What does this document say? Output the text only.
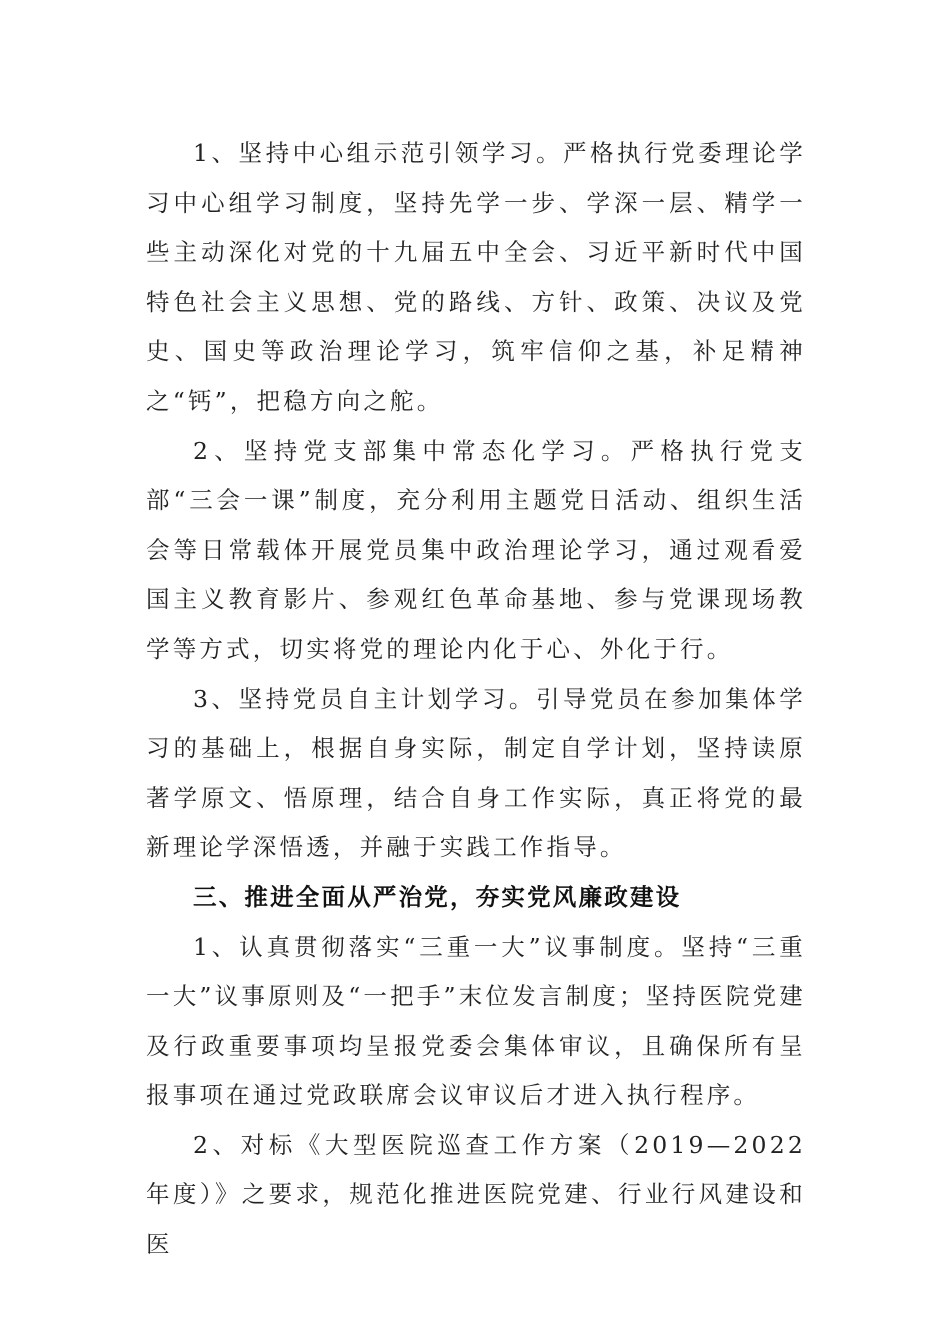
1、坚持中心组示范引领学习。严格执行党委理论学习中心组学习制度，坚持先学一步、学深一层、精学一些主动深化对党的十九届五中全会、习近平新时代中国特色社会主义思想、党的路线、方针、政策、决议及党史、国史等政治理论学习，筑牢信仰之基，补足精神之“钙”，把稳方向之舵。

2、坚持党支部集中常态化学习。严格执行党支部“三会一课”制度，充分利用主题党日活动、组织生活会等日常载体开展党员集中政治理论学习，通过观看爱国主义教育影片、参观红色革命基地、参与党课现场教学等方式，切实将党的理论内化于心、外化于行。

3、坚持党员自主计划学习。引导党员在参加集体学习的基础上，根据自身实际，制定自学计划，坚持读原著学原文、悟原理，结合自身工作实际，真正将党的最新理论学深悟透，并融于实践工作指导。

三、推进全面从严治党，夯实党风廉政建设

1、认真贯彻落实“三重一大”议事制度。坚持“三重一大”议事原则及“一把手”末位发言制度；坚持医院党建及行政重要事项均呈报党委会集体审议，且确保所有呈报事项在通过党政联席会议审议后才进入执行程序。

2、对标《大型医院巡查工作方案（2019—2022年度）》之要求，规范化推进医院党建、行业行风建设和医
